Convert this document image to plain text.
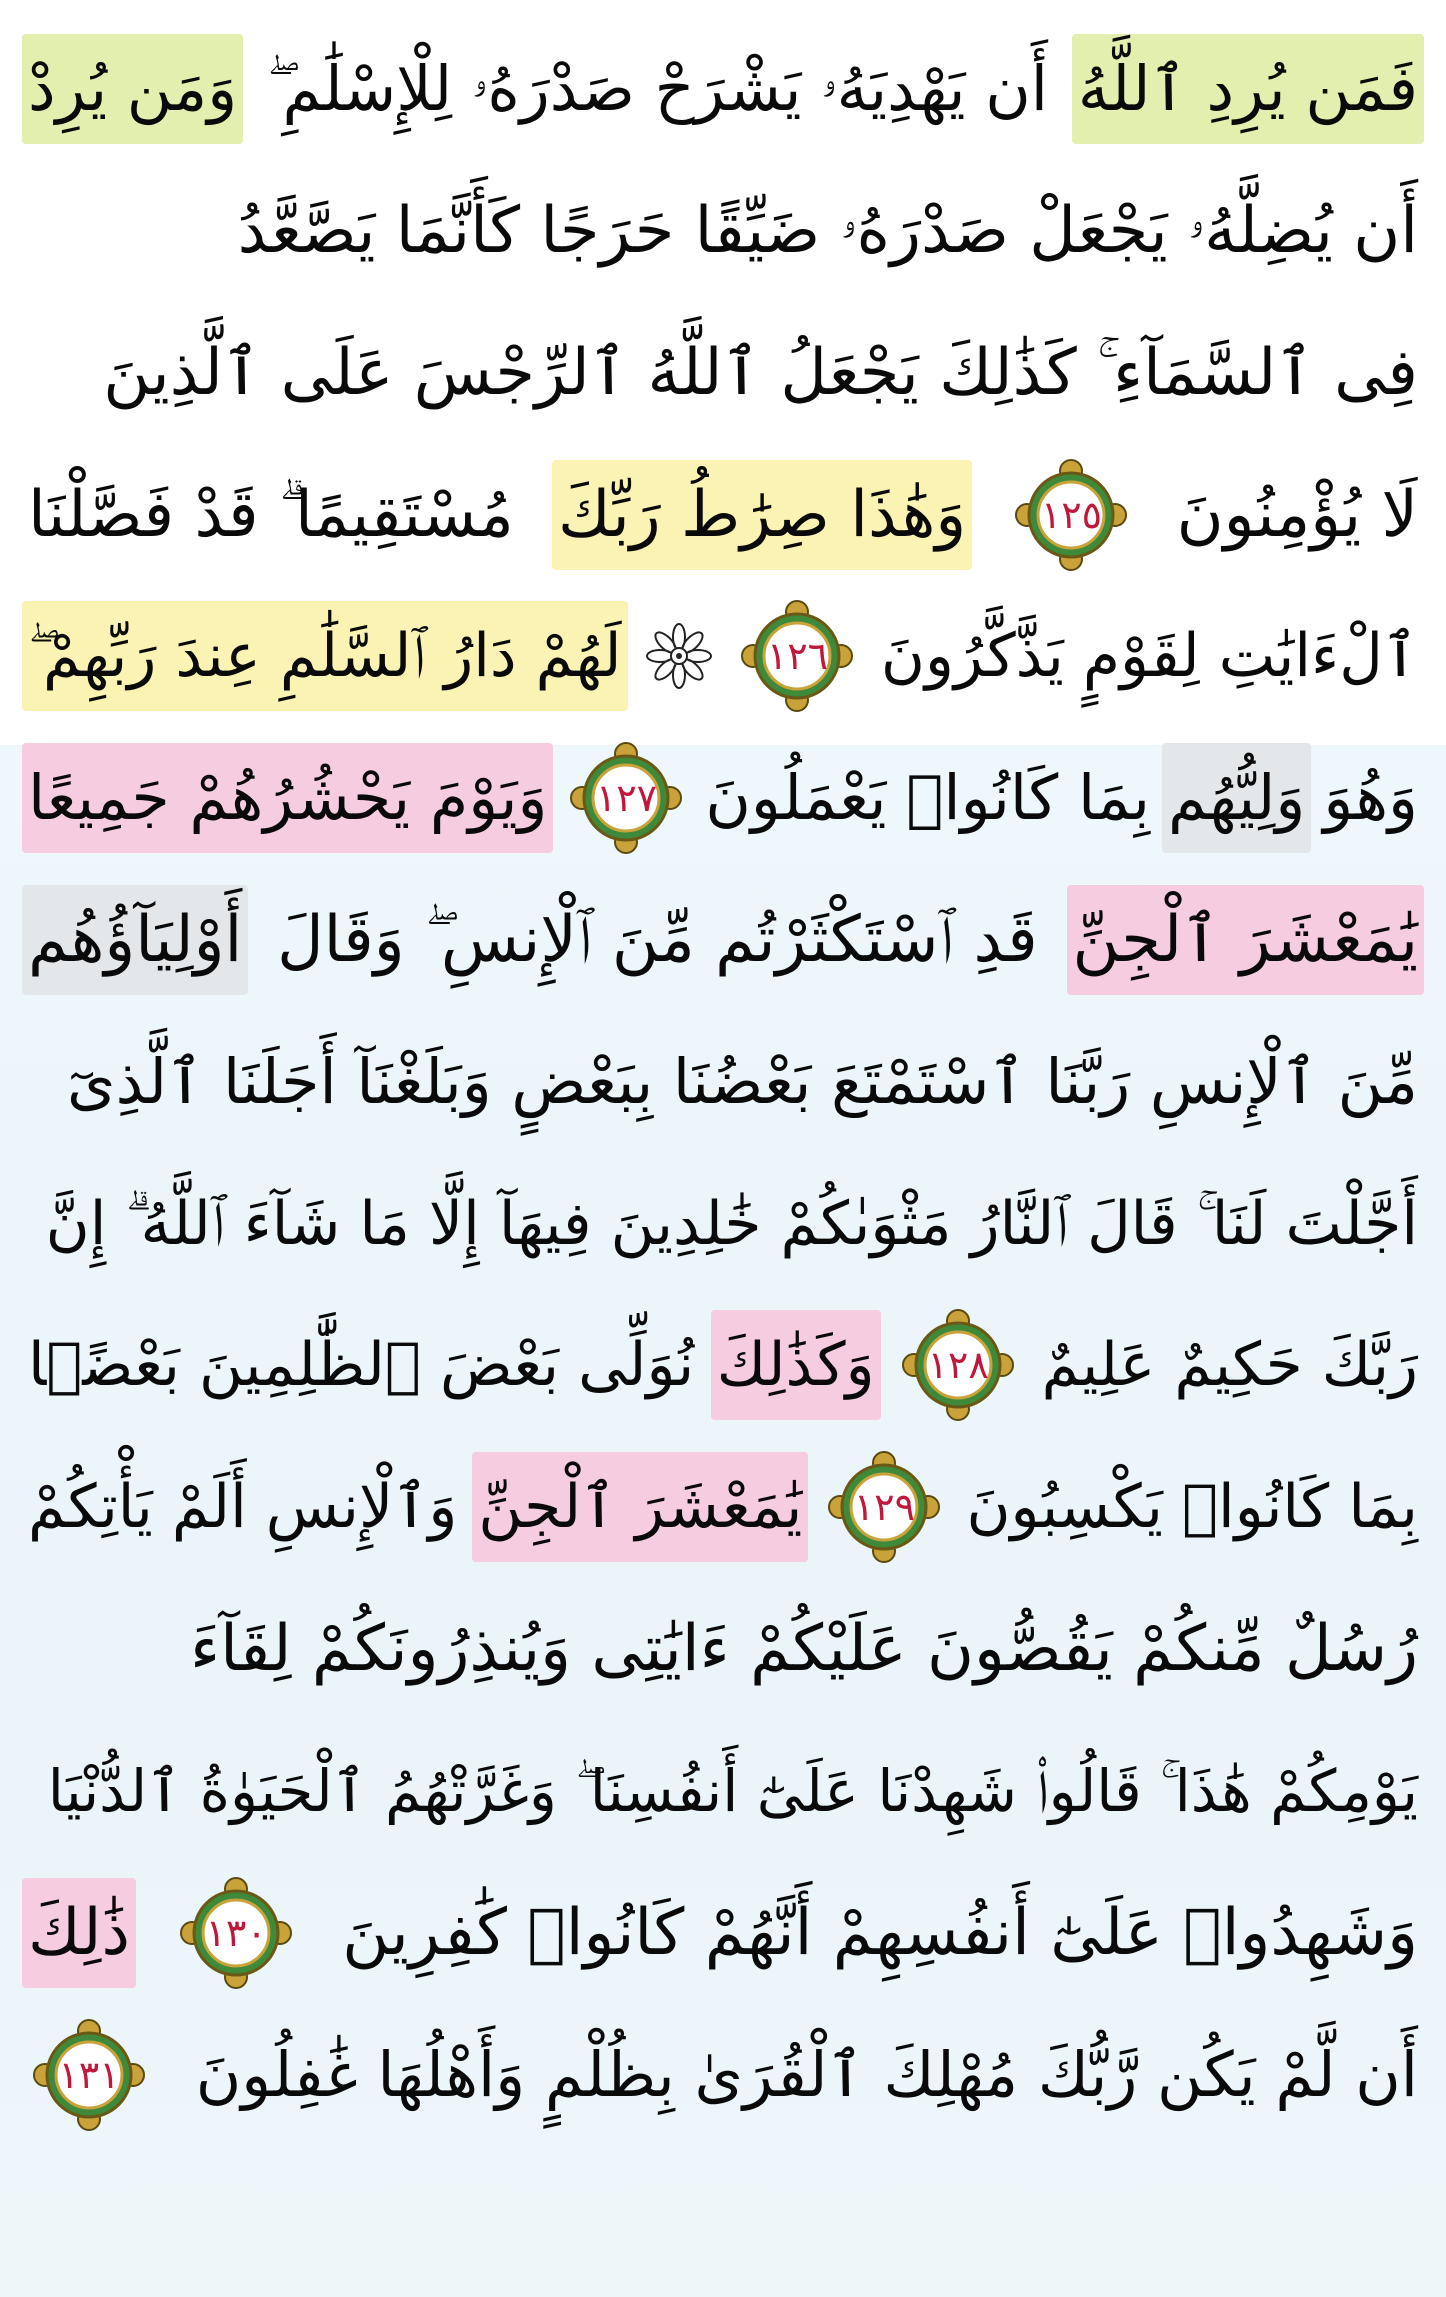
فَمَن يُرِدِ ٱللَّهُ
أَن يَهْدِيَهُۥ يَشْرَحْ صَدْرَهُۥ لِلْإِسْلَٰمِ ۖ
وَمَن يُرِدْ
أَن يُضِلَّهُۥ يَجْعَلْ صَدْرَهُۥ ضَيِّقًا حَرَجًا كَأَنَّمَا يَصَّعَّدُ
فِى ٱلسَّمَآءِ ۚ كَذَٰلِكَ يَجْعَلُ ٱللَّهُ ٱلرِّجْسَ عَلَى ٱلَّذِينَ
لَا يُؤْمِنُونَ
١٢٥
وَهَٰذَا صِرَٰطُ رَبِّكَ
مُسْتَقِيمًا ۗ قَدْ فَصَّلْنَا
ٱلْءَايَٰتِ لِقَوْمٍ يَذَّكَّرُونَ
١٢٦
لَهُمْ دَارُ ٱلسَّلَٰمِ عِندَ رَبِّهِمْ ۖ
وَهُوَ
وَلِيُّهُم
بِمَا كَانُوا۟ يَعْمَلُونَ
١٢٧
وَيَوْمَ يَحْشُرُهُمْ جَمِيعًا
يَٰمَعْشَرَ ٱلْجِنِّ
قَدِ ٱسْتَكْثَرْتُم مِّنَ ٱلْإِنسِ ۖ وَقَالَ
أَوْلِيَآؤُهُم
مِّنَ ٱلْإِنسِ رَبَّنَا ٱسْتَمْتَعَ بَعْضُنَا بِبَعْضٍ وَبَلَغْنَآ أَجَلَنَا ٱلَّذِىٓ
أَجَّلْتَ لَنَا ۚ قَالَ ٱلنَّارُ مَثْوَىٰكُمْ خَٰلِدِينَ فِيهَآ إِلَّا مَا شَآءَ ٱللَّهُ ۗ إِنَّ
رَبَّكَ حَكِيمٌ عَلِيمٌ
١٢٨
وَكَذَٰلِكَ
نُوَلِّى بَعْضَ ٱلظَّٰلِمِينَ بَعْضًۢا
بِمَا كَانُوا۟ يَكْسِبُونَ
١٢٩
يَٰمَعْشَرَ ٱلْجِنِّ
وَٱلْإِنسِ أَلَمْ يَأْتِكُمْ
رُسُلٌ مِّنكُمْ يَقُصُّونَ عَلَيْكُمْ ءَايَٰتِى وَيُنذِرُونَكُمْ لِقَآءَ
يَوْمِكُمْ هَٰذَا ۚ قَالُوا۟ شَهِدْنَا عَلَىٰٓ أَنفُسِنَا ۖ وَغَرَّتْهُمُ ٱلْحَيَوٰةُ ٱلدُّنْيَا
وَشَهِدُوا۟ عَلَىٰٓ أَنفُسِهِمْ أَنَّهُمْ كَانُوا۟ كَٰفِرِينَ
١٣٠
ذَٰلِكَ
أَن لَّمْ يَكُن رَّبُّكَ مُهْلِكَ ٱلْقُرَىٰ بِظُلْمٍ وَأَهْلُهَا غَٰفِلُونَ
١٣١
